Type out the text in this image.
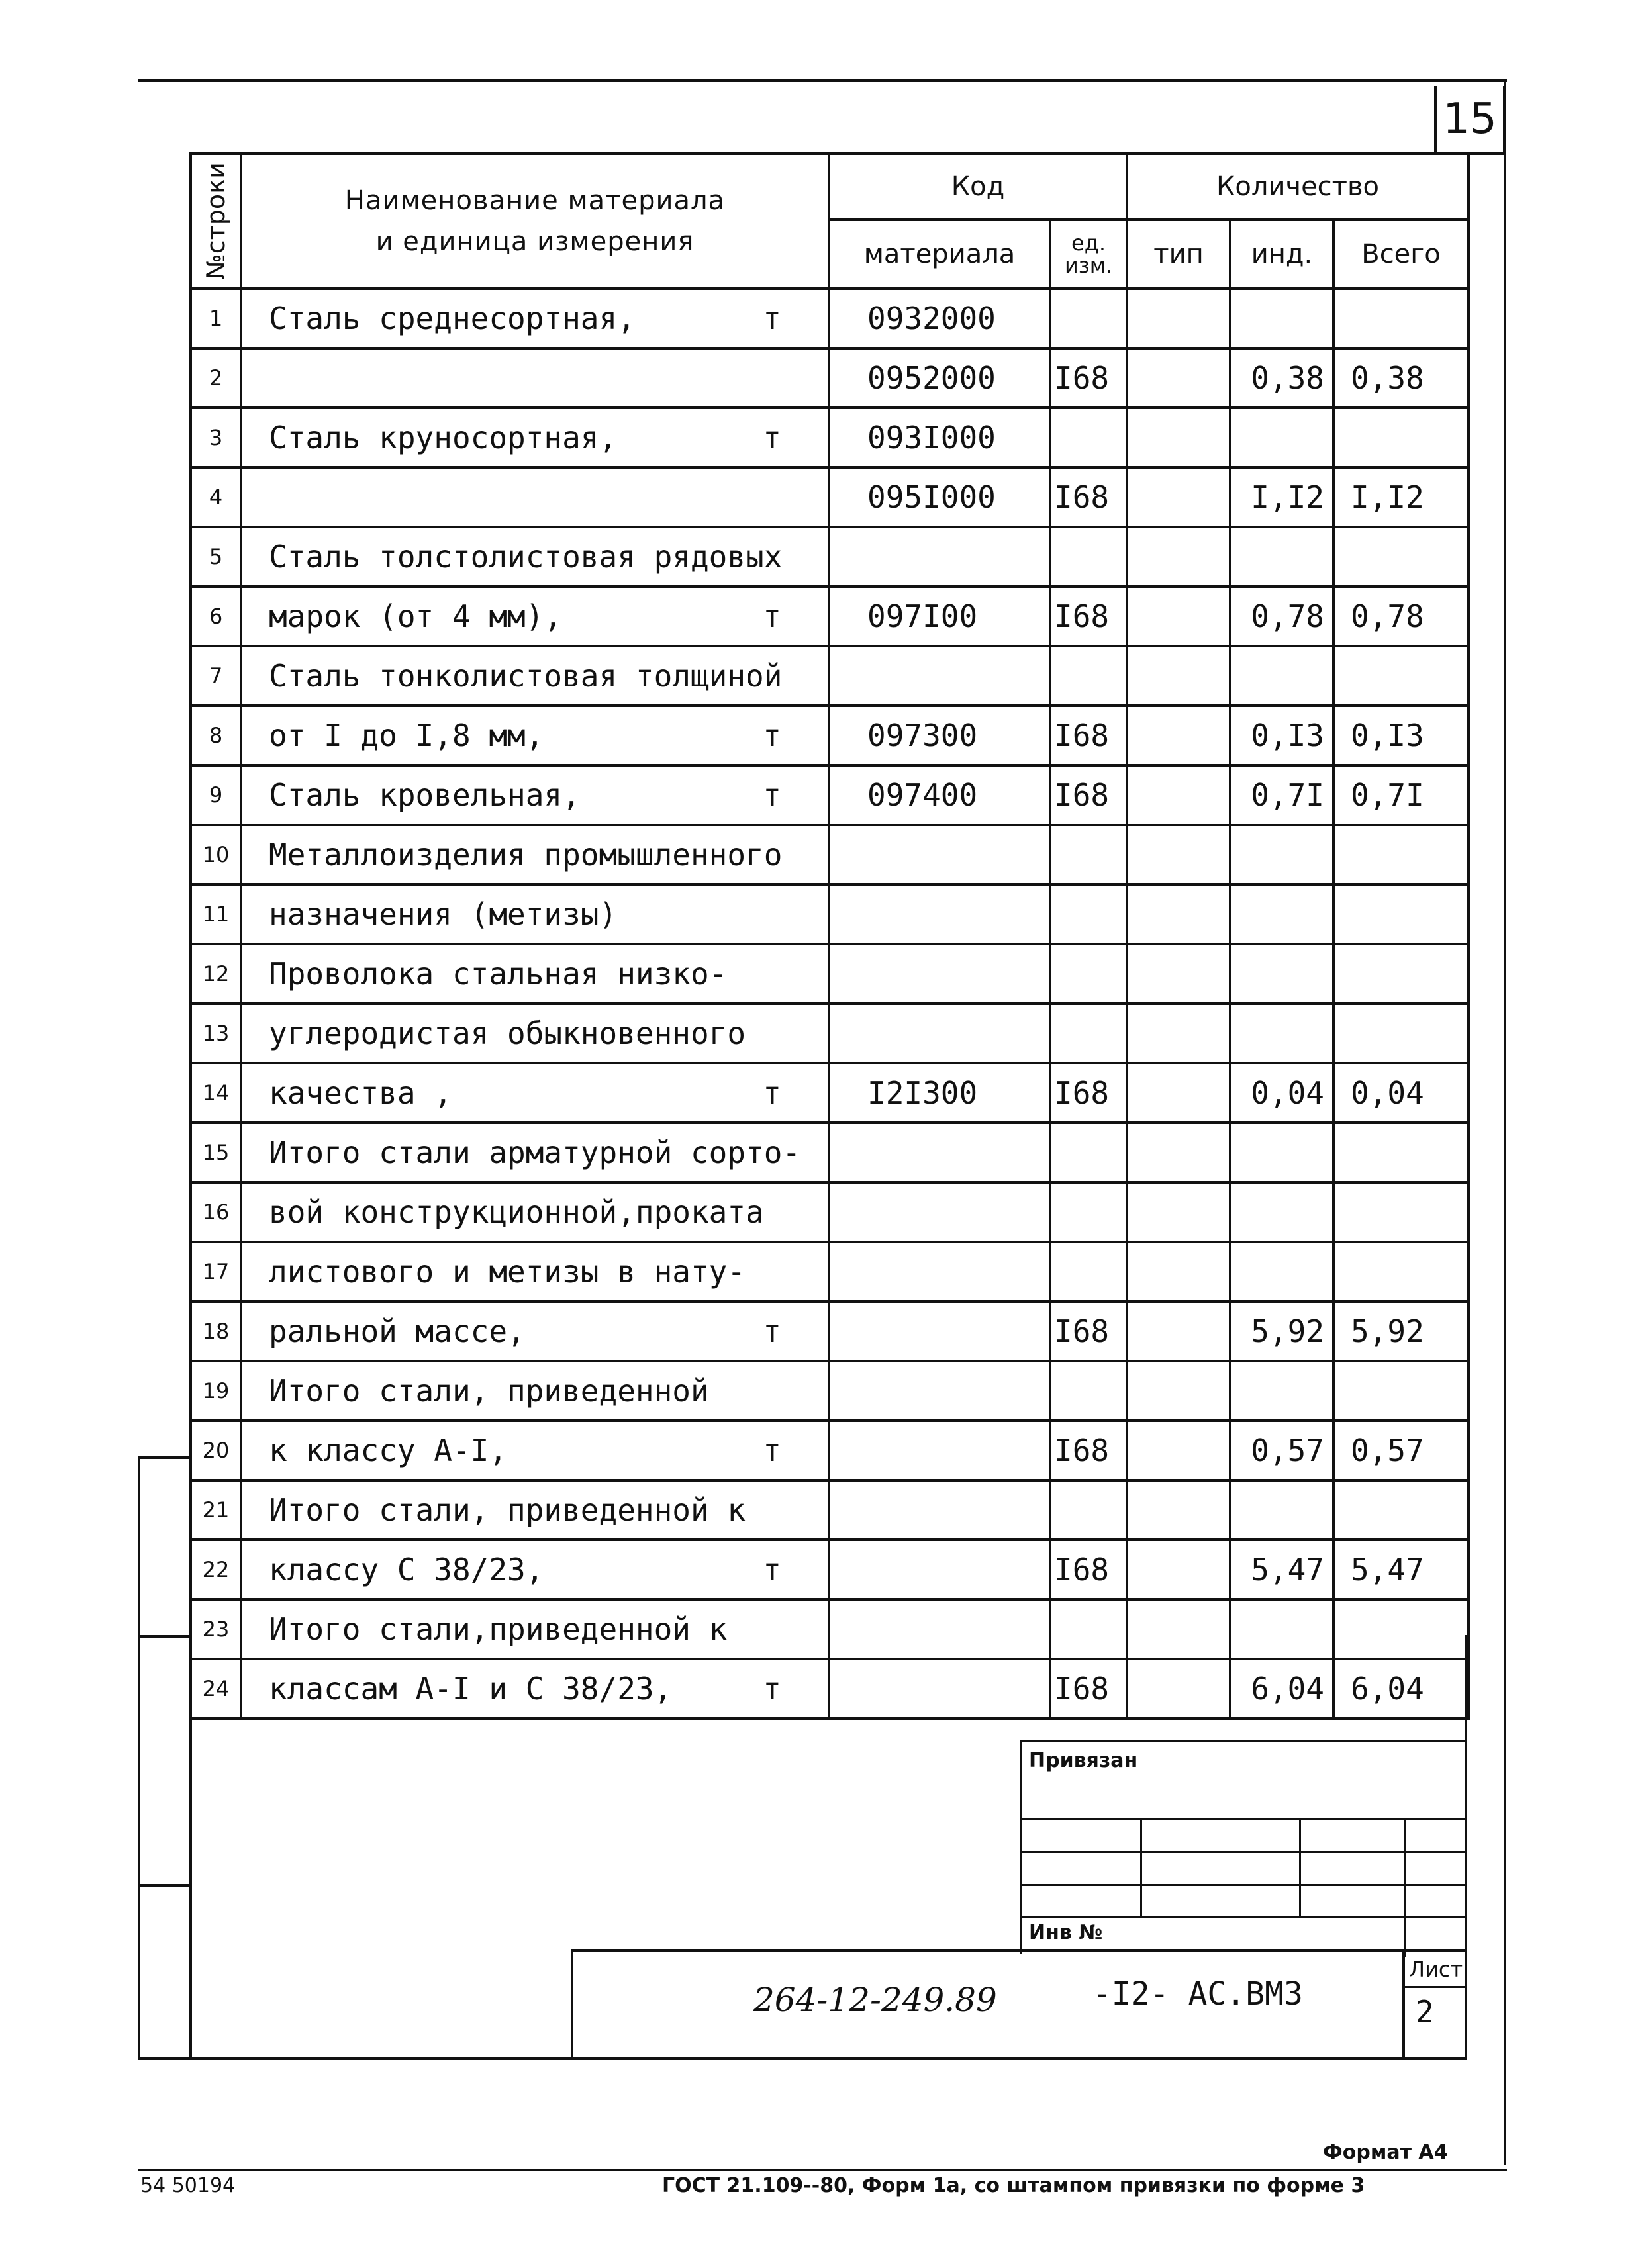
15
№строки	Наименование материала
и единица измерения	Код		Количество		
		материала	ед. изм.	тип	инд.	Всего
1	Сталь среднесортная, т	0932000				
2		0952000	I68		0,38	0,38
3	Сталь круносортная, т	093I000				
4		095I000	I68		I,I2	I,I2
5	Сталь толстолистовая рядовых

6	марок (от 4 мм), т	097I00	I68		0,78	0,78
7	Сталь тонколистовая толщиной

8	от I до I,8 мм, т	097300	I68		0,I3	0,I3
9	Сталь кровельная, т	097400	I68		0,7I	0,7I
10	Металлоизделия промышленного

11	назначения (метизы)

12	Проволока стальная низко-

13	углеродистая обыкновенного

14	качества , т	I2I300	I68		0,04	0,04
15	Итого стали арматурной сорто-

16	вой конструкционной,проката

17	листового и метизы в нату-

18	ральной массе, т		I68		5,92	5,92
19	Итого стали, приведенной

20	к классу А-I, т		I68		0,57	0,57
21	Итого стали, приведенной к

22	классу С 38/23, т		I68		5,47	5,47
23	Итого стали,приведенной к

24	классам А-I и С 38/23, т		I68		6,04	6,04
Привязан
Инв №
264-12-249.89	-I2- АС.ВМЗ
Лист
2
Формат А4
54 50194	ГОСТ 21.109--80, Форм 1а, со штампом привязки по форме 3
